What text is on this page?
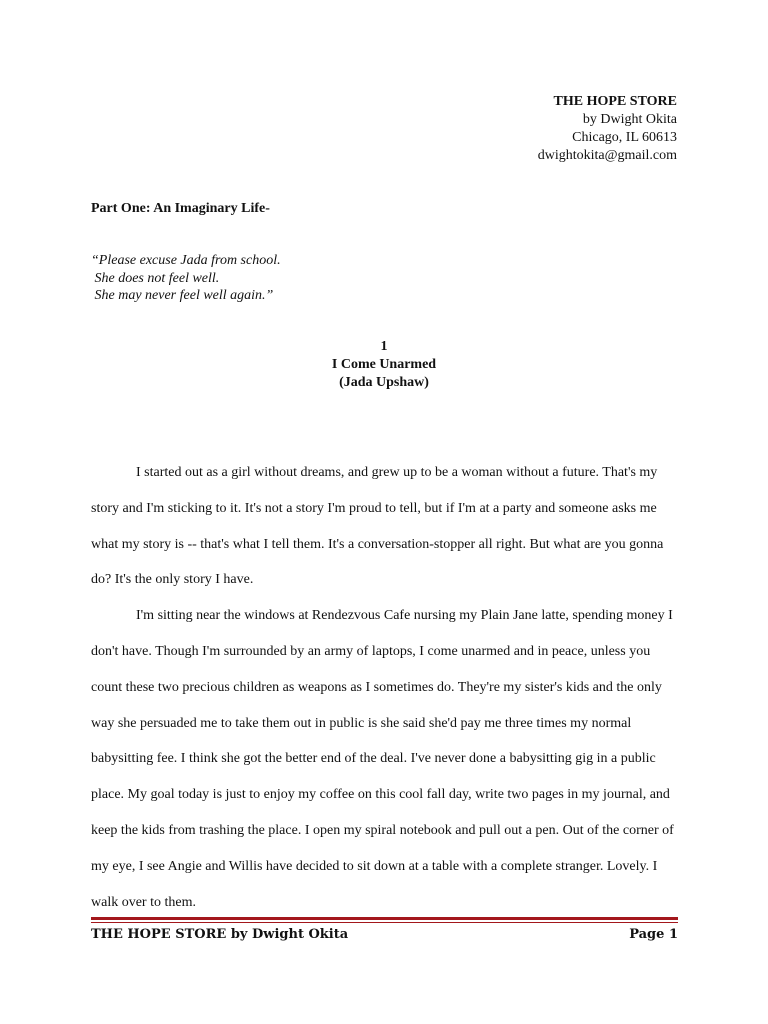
THE HOPE STORE
by Dwight Okita
Chicago, IL 60613
dwightokita@gmail.com
Part One: An Imaginary Life-
“Please excuse Jada from school.
She does not feel well.
She may never feel well again.”
1
I Come Unarmed
(Jada Upshaw)

I started out as a girl without dreams, and grew up to be a woman without a future. That's my story and I'm sticking to it. It's not a story I'm proud to tell, but if I'm at a party and someone asks me what my story is -- that's what I tell them. It's a conversation-stopper all right. But what are you gonna do? It's the only story I have.

I'm sitting near the windows at Rendezvous Cafe nursing my Plain Jane latte, spending money I don't have. Though I'm surrounded by an army of laptops, I come unarmed and in peace, unless you count these two precious children as weapons as I sometimes do. They're my sister's kids and the only way she persuaded me to take them out in public is she said she'd pay me three times my normal babysitting fee. I think she got the better end of the deal. I've never done a babysitting gig in a public place. My goal today is just to enjoy my coffee on this cool fall day, write two pages in my journal, and keep the kids from trashing the place. I open my spiral notebook and pull out a pen. Out of the corner of my eye, I see Angie and Willis have decided to sit down at a table with a complete stranger. Lovely. I walk over to them.

THE HOPE STORE by Dwight Okita	Page 1
